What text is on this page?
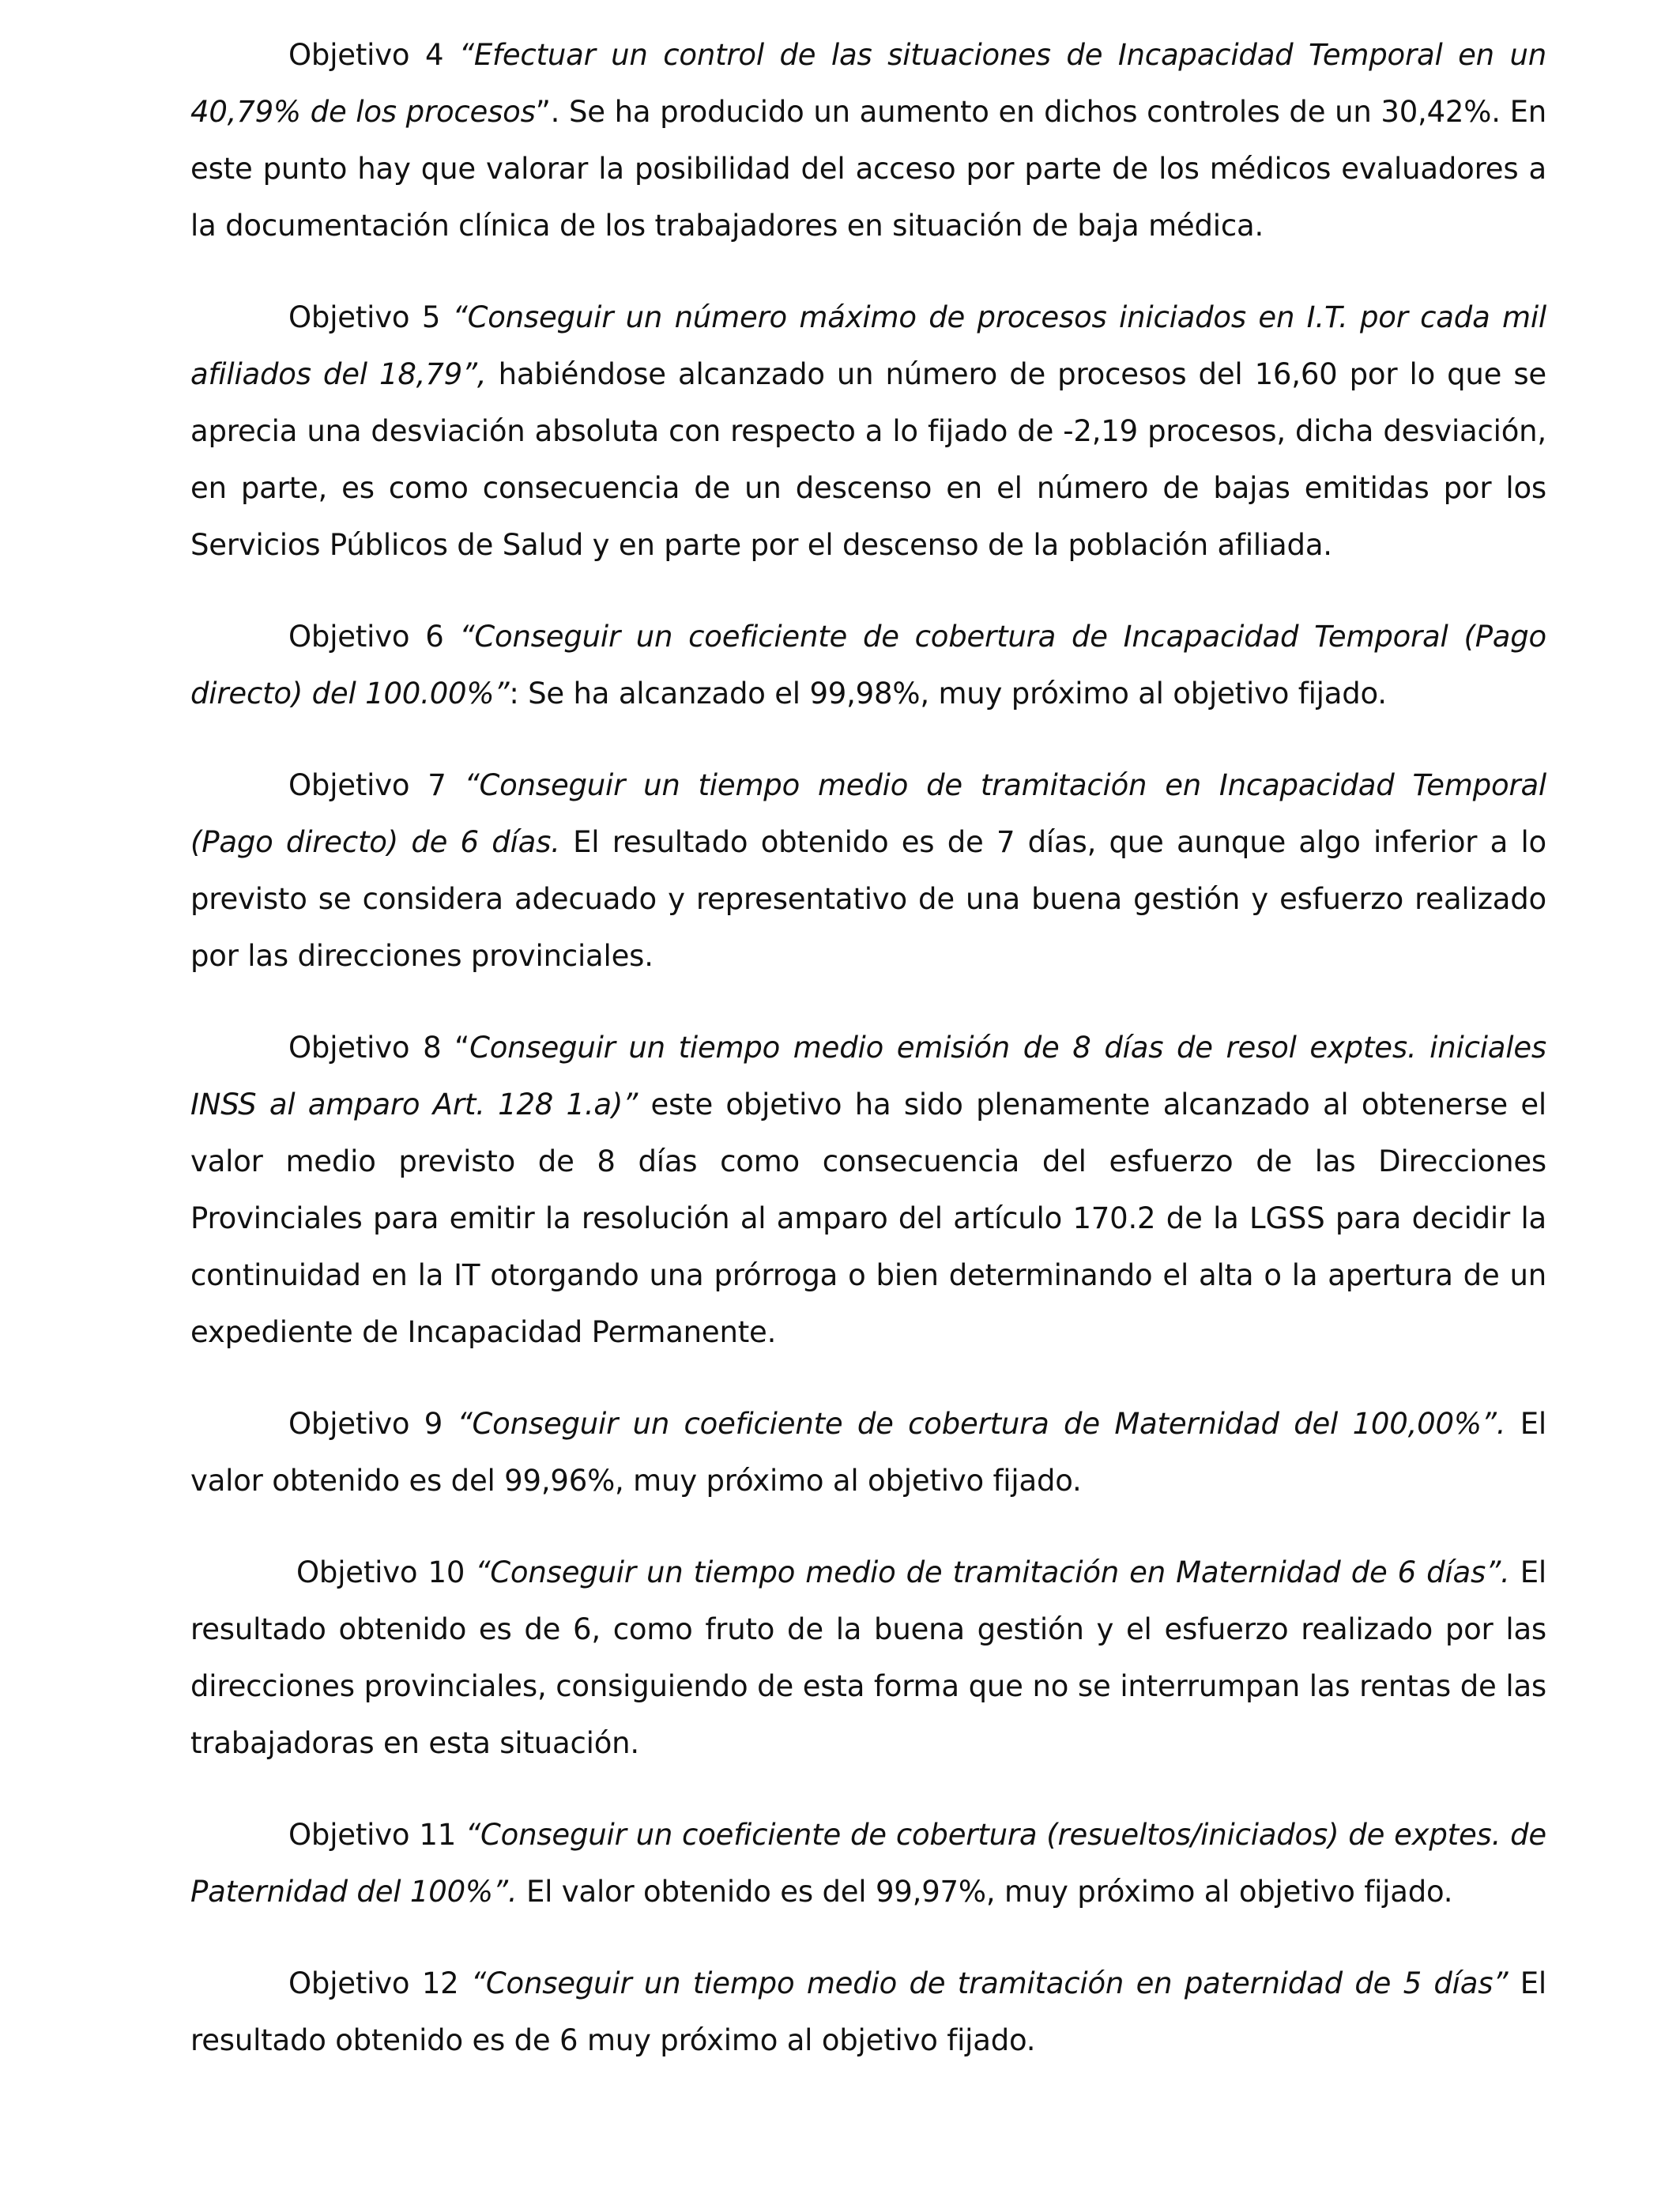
Objetivo 4 “Efectuar un control de las situaciones de Incapacidad Temporal en un 40,79% de los procesos”. Se ha producido un aumento en dichos controles de un 30,42%. En este punto hay que valorar la posibilidad del acceso por parte de los médicos evaluadores a la documentación clínica de los trabajadores en situación de baja médica.

Objetivo 5 “Conseguir un número máximo de procesos iniciados en I.T. por cada mil afiliados del 18,79”, habiéndose alcanzado un número de procesos del 16,60 por lo que se aprecia una desviación absoluta con respecto a lo fijado de -2,19 procesos, dicha desviación, en parte, es como consecuencia de un descenso en el número de bajas emitidas por los Servicios Públicos de Salud y en parte por el descenso de la población afiliada.

Objetivo 6 “Conseguir un coeficiente de cobertura de Incapacidad Temporal (Pago directo) del 100.00%”: Se ha alcanzado el 99,98%, muy próximo al objetivo fijado.

Objetivo 7 “Conseguir un tiempo medio de tramitación en Incapacidad Temporal (Pago directo) de 6 días. El resultado obtenido es de 7 días, que aunque algo inferior a lo previsto se considera adecuado y representativo de una buena gestión y esfuerzo realizado por las direcciones provinciales.

Objetivo 8 “Conseguir un tiempo medio emisión de 8 días de resol exptes. iniciales INSS al amparo Art. 128 1.a)” este objetivo ha sido plenamente alcanzado al obtenerse el valor medio previsto de 8 días como consecuencia del esfuerzo de las Direcciones Provinciales para emitir la resolución al amparo del artículo 170.2 de la LGSS para decidir la continuidad en la IT otorgando una prórroga o bien determinando el alta o la apertura de un expediente de Incapacidad Permanente.

Objetivo 9 “Conseguir un coeficiente de cobertura de Maternidad del 100,00%”. El valor obtenido es del 99,96%, muy próximo al objetivo fijado.

Objetivo 10 “Conseguir un tiempo medio de tramitación en Maternidad de 6 días”. El resultado obtenido es de 6, como fruto de la buena gestión y el esfuerzo realizado por las direcciones provinciales, consiguiendo de esta forma que no se interrumpan las rentas de las trabajadoras en esta situación.

Objetivo 11 “Conseguir un coeficiente de cobertura (resueltos/iniciados) de exptes. de Paternidad del 100%”. El valor obtenido es del 99,97%, muy próximo al objetivo fijado.

Objetivo 12 “Conseguir un tiempo medio de tramitación en paternidad de 5 días” El resultado obtenido es de 6 muy próximo al objetivo fijado.
